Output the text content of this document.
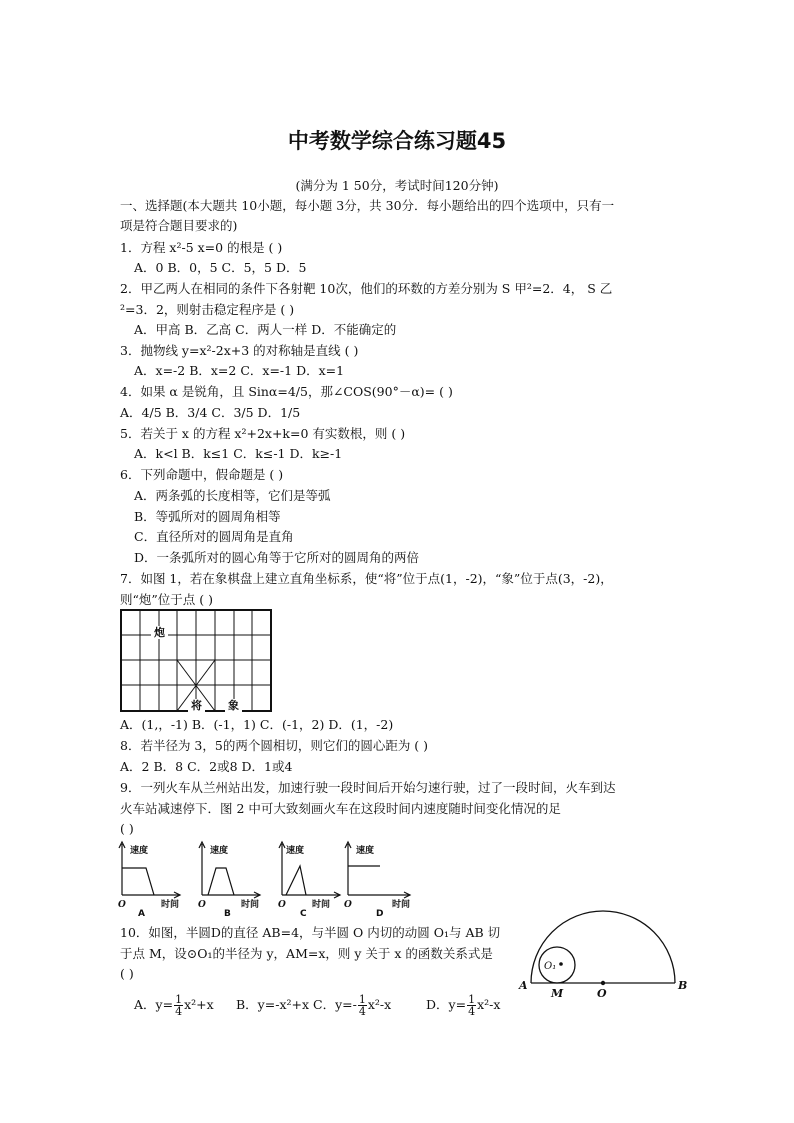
中考数学综合练习题45
(满分为 1 50分，考试时间120分钟)
一、选择题(本大题共 10小题，每小题 3分，共 30分．每小题给出的四个选项中，只有一
项是符合题目要求的)
1．方程 x²-5 x=0 的根是 ( )
A．0 B．0，5 C．5，5 D．5
2．甲乙两人在相同的条件下各射靶 10次，他们的环数的方差分别为 S 甲²=2．4， S 乙
²=3．2，则射击稳定程序是 ( )
A．甲高 B．乙高 C．两人一样 D．不能确定的
3．抛物线 y=x²-2x+3 的对称轴是直线 ( )
A．x=-2 B．x=2 C．x=-1 D．x=1
4．如果 α 是锐角，且 Sinα=4/5，那∠COS(90°－α)= ( )
A．4/5 B．3/4 C．3/5 D．1/5
5．若关于 x 的方程 x²+2x+k=0 有实数根，则 ( )
A．k<l B．k≤1 C．k≤-1 D．k≥-1
6．下列命题中，假命题是 ( )
A．两条弧的长度相等，它们是等弧
B．等弧所对的圆周角相等
C．直径所对的圆周角是直角
D．一条弧所对的圆心角等于它所对的圆周角的两倍
7．如图 1，若在象棋盘上建立直角坐标系，使“将”位于点(1，-2)，“象”位于点(3，-2)，
则“炮”位于点 ( )
炮
将 象
A．(1,，-1) B．(-1，1) C．(-1，2) D．(1，-2)
8．若半径为 3，5的两个圆相切，则它们的圆心距为 ( )
A．2 B．8 C．2或8 D．1或4
9．一列火车从兰州站出发，加速行驶一段时间后开始匀速行驶，过了一段时间，火车到达
火车站减速停下．图 2 中可大致刻画火车在这段时间内速度随时间变化情况的足
( )
速度
时间
O
A
速度
时间
O
B
速度
时间
O
C
速度
时间
O
D
10．如图，半圆D的直径 AB=4，与半圆 O 内切的动圆 O₁与 AB 切
于点 M，设⊙O₁的半径为 y，AM=x，则 y 关于 x 的函数关系式是
( )
A	B
M	O
O₁
A．$y= \frac{1}{4} x^2+x$ B．y=-x²+x C．$y=- \frac{1}{4} x^2-x$	D．$y= \frac{1}{4} x^2-x$
